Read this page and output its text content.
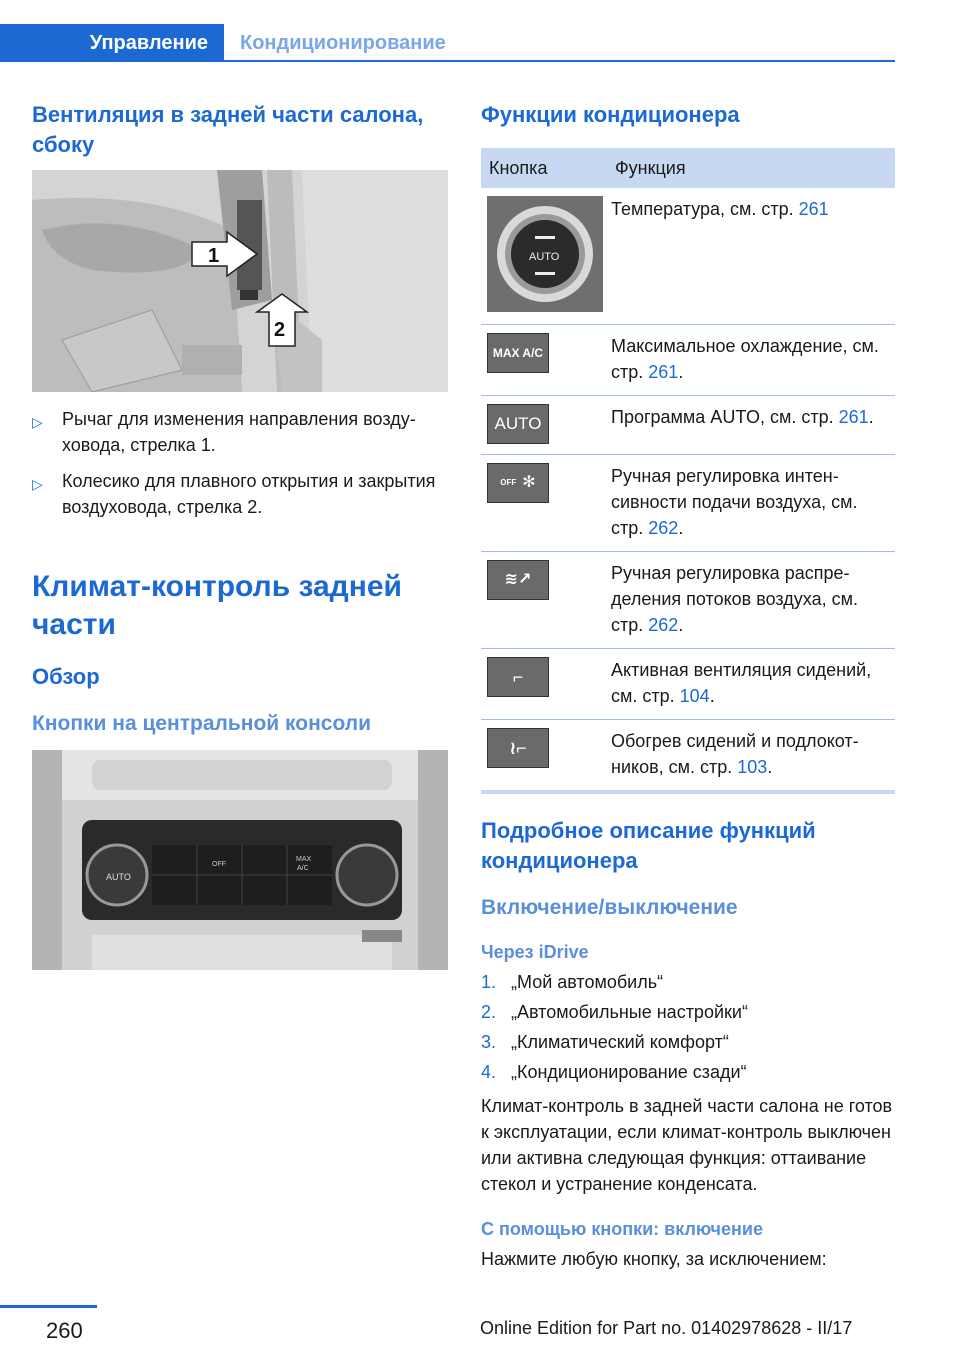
Управление	Кондиционирование
Вентиляция в задней части салона, сбоку
1
2
▷	Рычаг для изменения направления воздуховода, стрелка 1.
▷	Колесико для плавного открытия и закрытия воздуховода, стрелка 2.
Климат-контроль задней части
Обзор
Кнопки на центральной консоли
AUTO
OFF
MAX
A/C
Функции кондиционера
Кнопка	Функция

AUTO	Температура, см. стр. 261

MAX A/C	Максимальное охлаждение, см. стр. 261.

AUTO	Программа AUTO, см. стр. 261.

OFF ✻	Ручная регулировка интенсивности подачи воздуха, см. стр. 262.

≋↗	Ручная регулировка распределения потоков воздуха, см. стр. 262.

⌐	Активная вентиляция сидений, см. стр. 104.

≀⌐	Обогрев сидений и подлокотников, см. стр. 103.
Подробное описание функций кондиционера
Включение/выключение
Через iDrive
1. „Мой автомобиль“
2. „Автомобильные настройки“
3. „Климатический комфорт“
4. „Кондиционирование сзади“
Климат-контроль в задней части салона не готов к эксплуатации, если климат-контроль выключен или активна следующая функция: оттаивание стекол и устранение конденсата.
С помощью кнопки: включение
Нажмите любую кнопку, за исключением:
260	Online Edition for Part no. 01402978628 - II/17
